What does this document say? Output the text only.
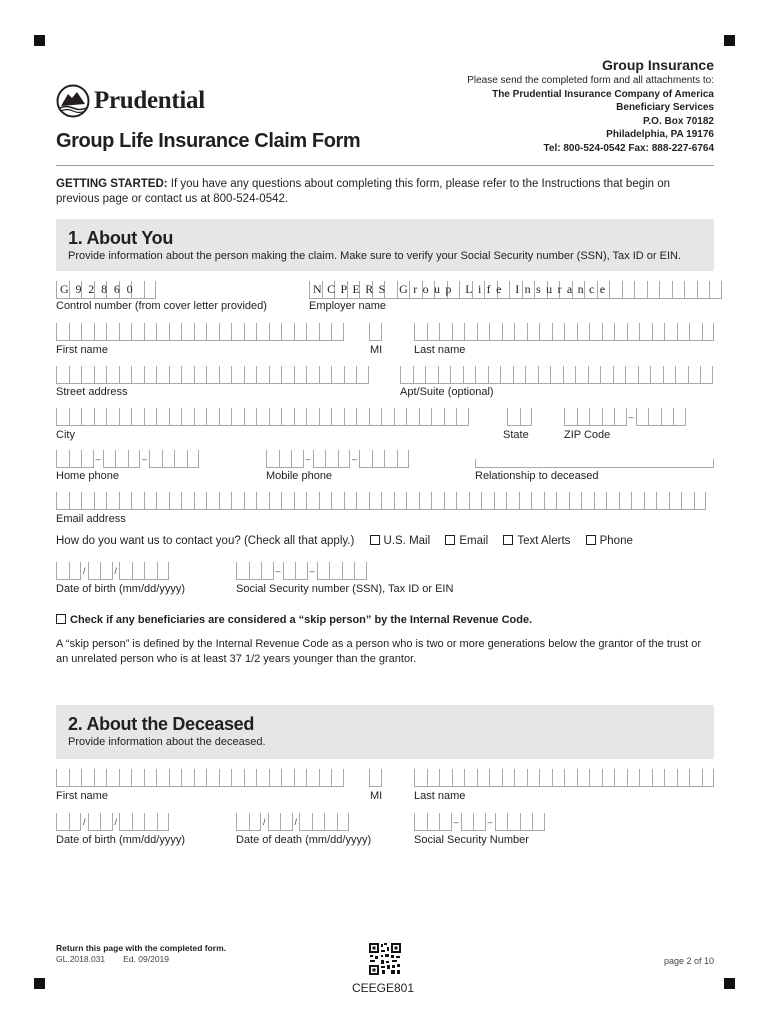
Group Insurance
Please send the completed form and all attachments to:
The Prudential Insurance Company of America
Beneficiary Services
P.O. Box 70182
Philadelphia, PA 19176
Tel: 800-524-0542 Fax: 888-227-6764
Prudential
Group Life Insurance Claim Form
GETTING STARTED: If you have any questions about completing this form, please refer to the Instructions that begin on previous page or contact us at 800-524-0542.
1. About You
Provide information about the person making the claim. Make sure to verify your Social Security number (SSN), Tax ID or EIN.
G92860	NCPERS Group Life Insurance
Control number (from cover letter provided)	Employer name
First name	MI	Last name
Street address	Apt/Suite (optional)
–
City	State	ZIP Code
–	–	–	–
Home phone	Mobile phone	Relationship to deceased
Email address
How do you want us to contact you? (Check all that apply.)	U.S. Mail	Email	Text Alerts	Phone
/	/	–	–
Date of birth (mm/dd/yyyy)	Social Security number (SSN), Tax ID or EIN
Check if any beneficiaries are considered a “skip person” by the Internal Revenue Code.
A “skip person” is defined by the Internal Revenue Code as a person who is two or more generations below the grantor of the trust or an unrelated person who is at least 37 1/2 years younger than the grantor.
2. About the Deceased
Provide information about the deceased.
First name	MI	Last name
/	/	/	/	–	–
Date of birth (mm/dd/yyyy)	Date of death (mm/dd/yyyy)	Social Security Number
Return this page with the completed form.
GL.2018.031 Ed. 09/2019
CEEGE801
page 2 of 10
